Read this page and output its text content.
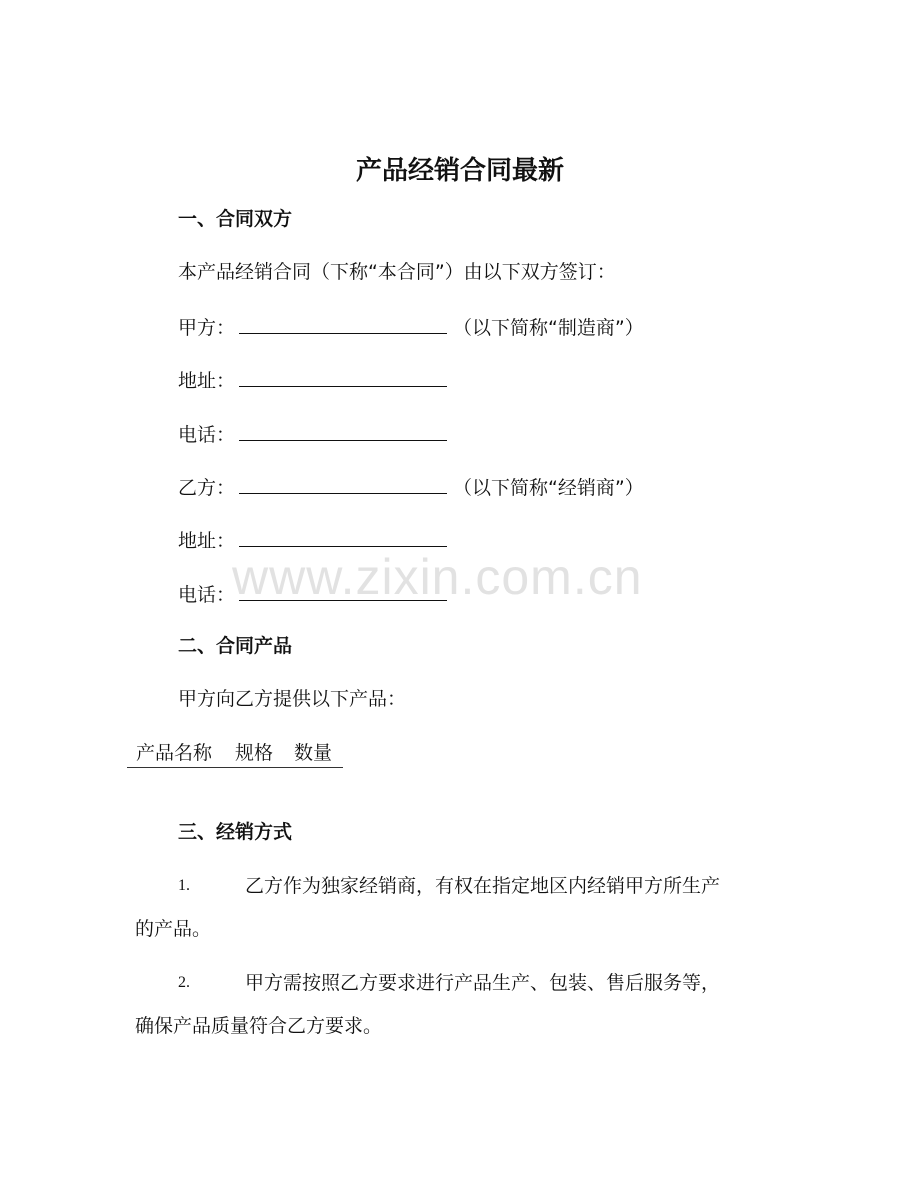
产品经销合同最新
一、合同双方
本产品经销合同（下称“本合同”）由以下双方签订：
甲方：	（以下简称“制造商”）
地址：
电话：
乙方：	（以下简称“经销商”）
地址：
电话：
二、合同产品
甲方向乙方提供以下产品：
产品名称 规格 数量
三、经销方式
1.	乙方作为独家经销商，有权在指定地区内经销甲方所生产
的产品。
2.	甲方需按照乙方要求进行产品生产、包装、售后服务等，
确保产品质量符合乙方要求。
www.zixin.com.cn
